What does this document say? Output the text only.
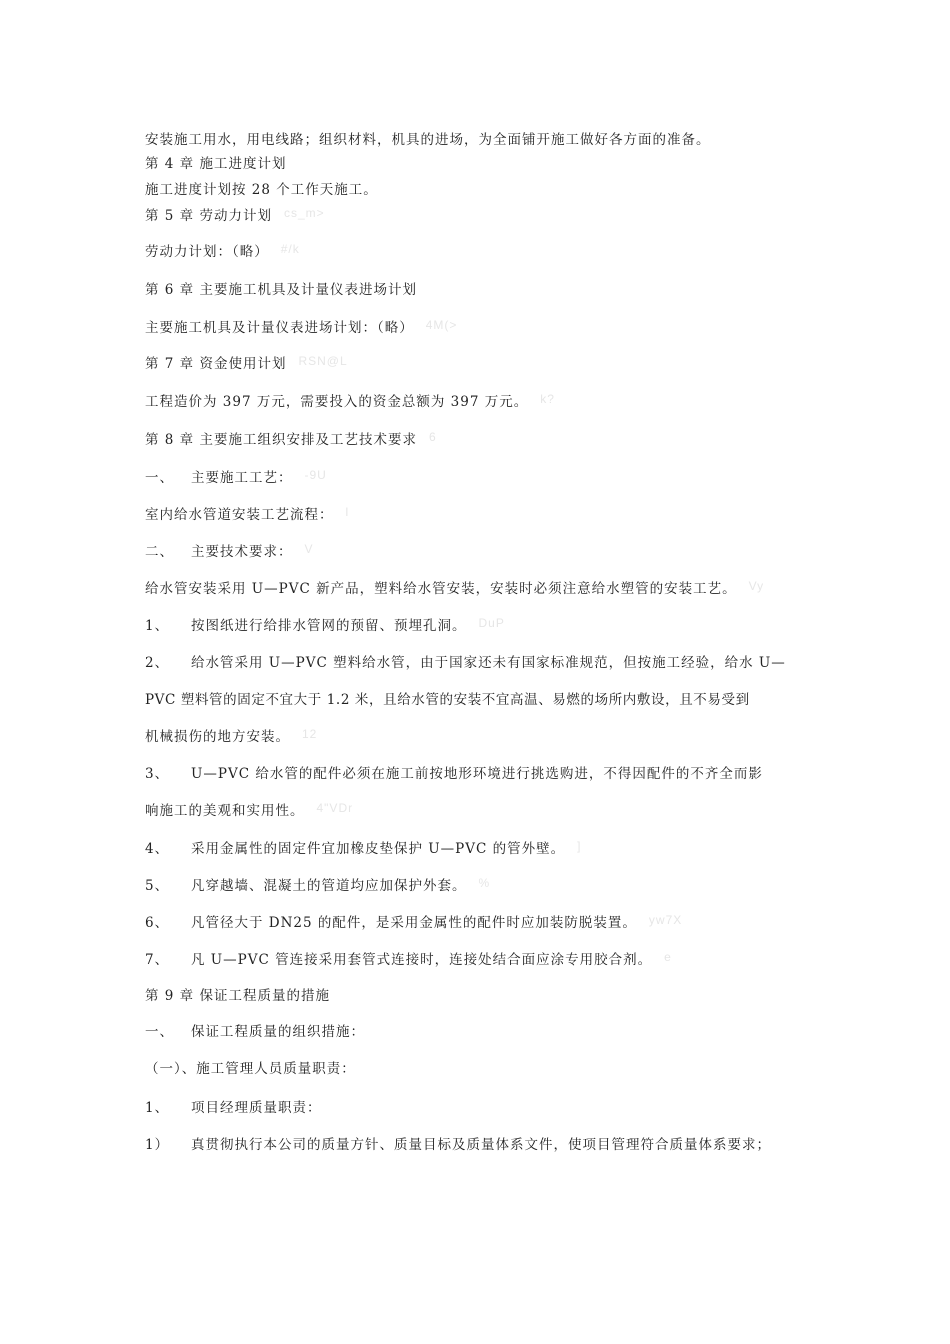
安装施工用水，用电线路；组织材料，机具的进场，为全面铺开施工做好各方面的准备。
第 4 章 施工进度计划
施工进度计划按 28 个工作天施工。
cs_m>
#/k
第 6 章 主要施工机具及计量仪表进场计划
4M(>
RSN@L
k?
6
-9U
l
V
Vy
DuP
2、 给水管采用 U—PVC 塑料给水管，由于国家还未有国家标准规范，但按施工经验，给水 U—
PVC 塑料管的固定不宜大于 1.2 米，且给水管的安装不宜高温、易燃的场所内敷设，且不易受到
12
3、 U—PVC 给水管的配件必须在施工前按地形环境进行挑选购进，不得因配件的不齐全而影
4"VDr
]
%
yw7X
e
第 9 章 保证工程质量的措施
一、 保证工程质量的组织措施：
（一）、施工管理人员质量职责：
1、 项目经理质量职责：
1） 真贯彻执行本公司的质量方针、质量目标及质量体系文件，使项目管理符合质量体系要求；
第 5 章 劳动力计划
劳动力计划：（略）
主要施工机具及计量仪表进场计划：（略）
第 7 章 资金使用计划
工程造价为 397 万元，需要投入的资金总额为 397 万元。
第 8 章 主要施工组织安排及工艺技术要求
一、 主要施工工艺：
室内给水管道安装工艺流程：
二、 主要技术要求：
给水管安装采用 U—PVC 新产品，塑料给水管安装，安装时必须注意给水塑管的安装工艺。
1、 按图纸进行给排水管网的预留、预埋孔洞。
机械损伤的地方安装。
响施工的美观和实用性。
4、 采用金属性的固定件宜加橡皮垫保护 U—PVC 的管外壁。
5、 凡穿越墙、混凝土的管道均应加保护外套。
6、 凡管径大于 DN25 的配件，是采用金属性的配件时应加装防脱装置。
7、 凡 U—PVC 管连接采用套管式连接时，连接处结合面应涂专用胶合剂。
